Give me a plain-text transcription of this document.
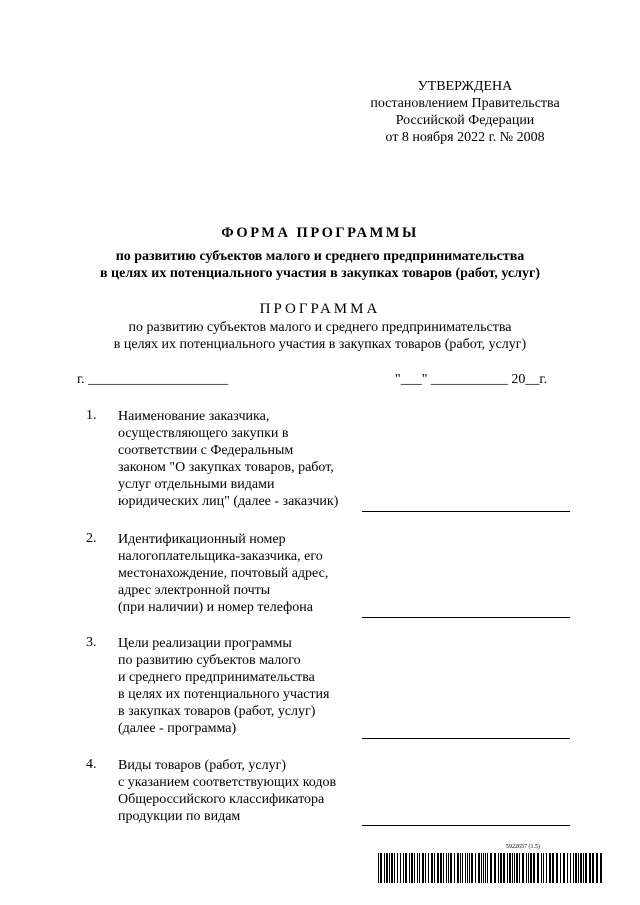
УТВЕРЖДЕНА
постановлением Правительства
Российской Федерации
от 8 ноября 2022 г. № 2008
ФОРМА ПРОГРАММЫ
по развитию субъектов малого и среднего предпринимательства
в целях их потенциального участия в закупках товаров (работ, услуг)
ПРОГРАММА
по развитию субъектов малого и среднего предпринимательства
в целях их потенциального участия в закупках товаров (работ, услуг)
г. ____________________	"___" ___________ 20__г.
1. Наименование заказчика,
осуществляющего закупки в
соответствии с Федеральным
законом "О закупках товаров, работ,
услуг отдельными видами
юридических лиц" (далее - заказчик)
2. Идентификационный номер
налогоплательщика-заказчика, его
местонахождение, почтовый адрес,
адрес электронной почты
(при наличии) и номер телефона
3. Цели реализации программы
по развитию субъектов малого
и среднего предпринимательства
в целях их потенциального участия
в закупках товаров (работ, услуг)
(далее - программа)
4. Виды товаров (работ, услуг)
с указанием соответствующих кодов
Общероссийского классификатора
продукции по видам
5922657 (1.5)
